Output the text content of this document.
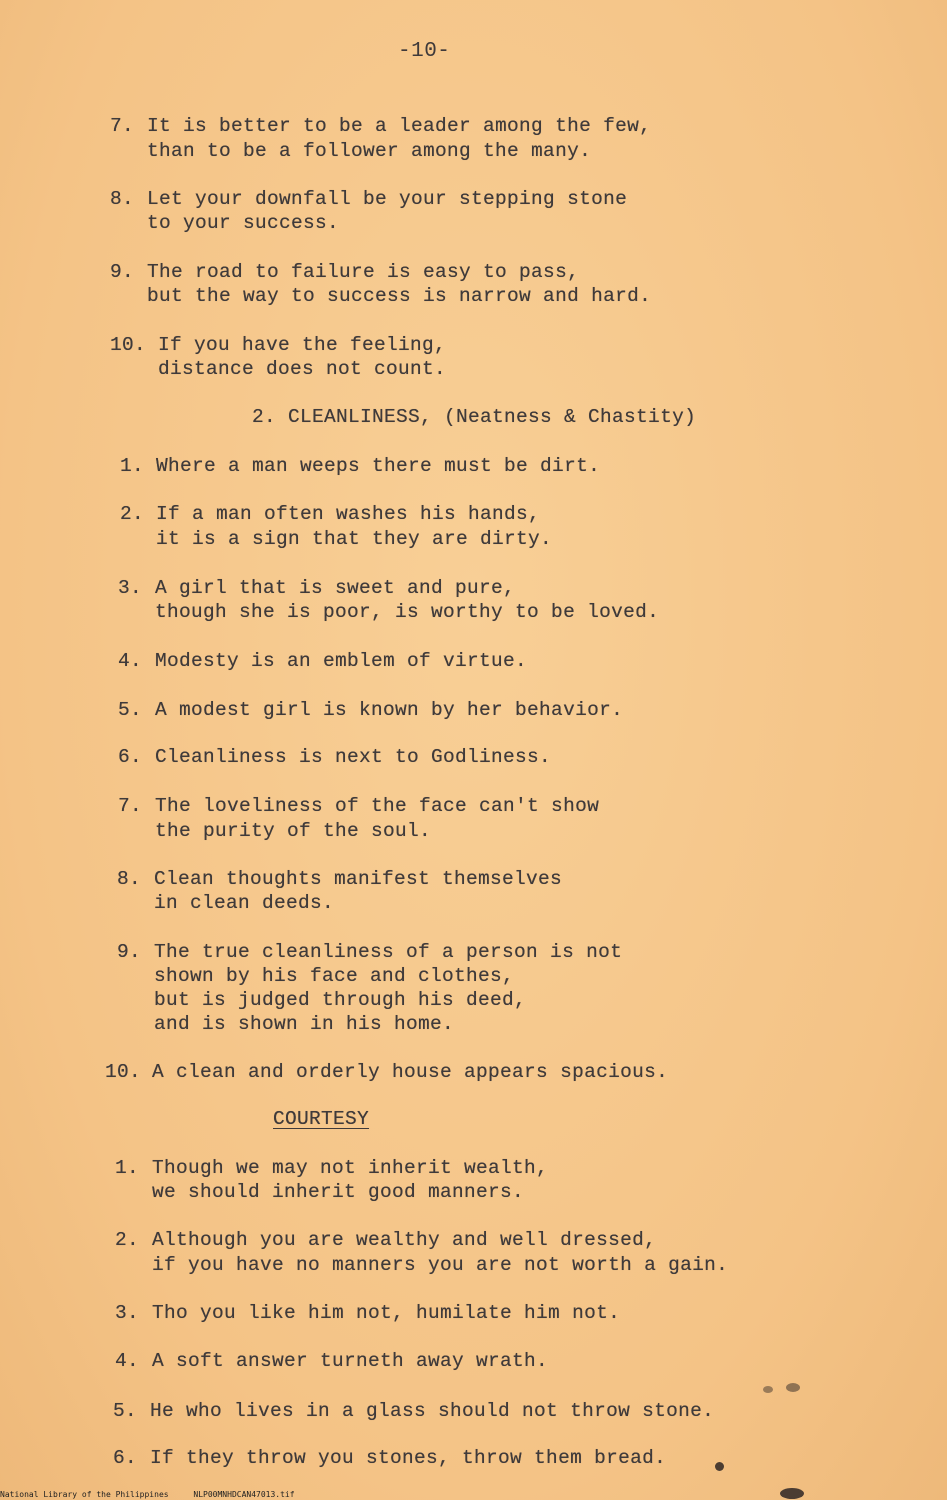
-10-
7. It is better to be a leader among the few,
than to be a follower among the many.
8. Let your downfall be your stepping stone
to your success.
9. The road to failure is easy to pass,
but the way to success is narrow and hard.
10. If you have the feeling,
distance does not count.
2. CLEANLINESS, (Neatness & Chastity)
1. Where a man weeps there must be dirt.
2. If a man often washes his hands,
it is a sign that they are dirty.
3. A girl that is sweet and pure,
though she is poor, is worthy to be loved.
4. Modesty is an emblem of virtue.
5. A modest girl is known by her behavior.
6. Cleanliness is next to Godliness.
7. The loveliness of the face can't show
the purity of the soul.
8. Clean thoughts manifest themselves
in clean deeds.
9. The true cleanliness of a person is not
shown by his face and clothes,
but is judged through his deed,
and is shown in his home.
10. A clean and orderly house appears spacious.
COURTESY
1. Though we may not inherit wealth,
we should inherit good manners.
2. Although you are wealthy and well dressed,
if you have no manners you are not worth a gain.
3. Tho you like him not, humilate him not.
4. A soft answer turneth away wrath.
5. He who lives in a glass should not throw stone.
6. If they throw you stones, throw them bread.
National Library of the Philippines	NLP00MNHDCAN47013.tif
